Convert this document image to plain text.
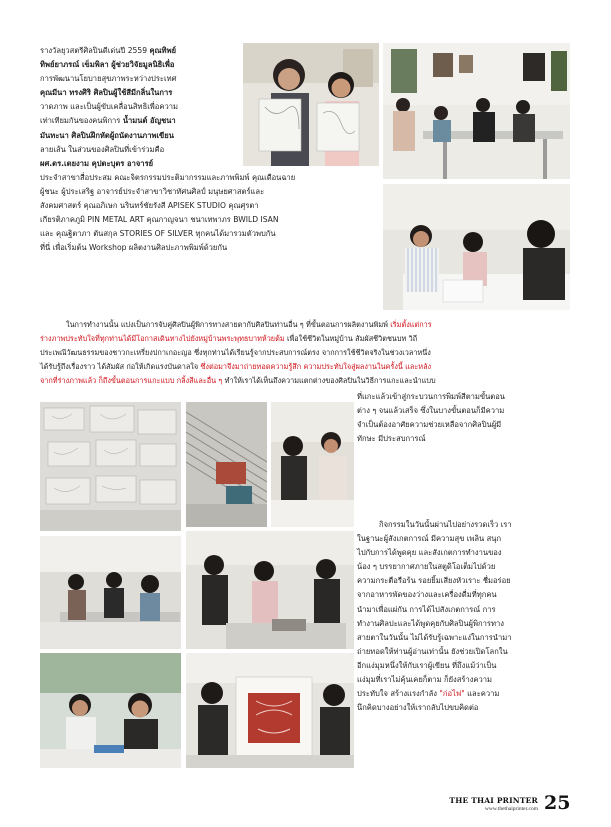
รางวัลยุวสตรีศิลปินดีเด่นปี 2559 คุณทิพย์
ทิพย์ยาภรณ์ เข็มพิลา ผู้ช่วยวิจัยมูลนิธิเพื่อ
การพัฒนานโยบายสุขภาพระหว่างประเทศ
คุณมีนา ทรงศิริ ศิลปินผู้ใช้สีมีกลิ่นในการ
วาดภาพ และเป็นผู้ขับเคลื่อนสิทธิเพื่อความ
เท่าเทียมกันของคนพิการ น้ำมนต์ อัญชนา
มันทะนา ศิลปินฝึกหัดผู้ถนัดงานภาพเขียน
ลายเส้น ในส่วนของศิลปินที่เข้าร่วมคือ
ผศ.ดร.เตยงาม คุปตะบุตร อาจารย์
ประจำสาขาสื่อประสม คณะจิตรกรรมประติมากรรมและภาพพิมพ์ คุณเดือนฉาย
ผู้ชนะ ผู้ประเสริฐ อาจารย์ประจำสาขาวิชาทัศนศิลป์ มนุษยศาสตร์และ
สังคมศาสตร์ คุณอภิเษก นรินทร์ชัยรังสี APISEK STUDIO คุณศุรตา
เกียรติภาคภูมิ PIN METAL ART คุณกาญจนา ชนาเทพาภร BWILD ISAN
และ คุณฐิตาภา ตันสกุล STORIES OF SILVER ทุกคนได้มารวมตัวพบกัน
ที่นี่ เพื่อเริ่มต้น Workshop ผลิตงานศิลปะภาพพิมพ์ด้วยกัน
ในการทำงานนั้น แบ่งเป็นการจับคู่ศิลปินผู้พิการทางสายตากับศิลปินท่านอื่น ๆ ที่ขั้นตอนการผลิตงานพิมพ์ เริ่มตั้งแต่การ
ร่างภาพประทับใจที่ทุกท่านได้มีโอกาสเดินทางไปยังหมู่บ้านพระพุทธบาทห้วยต้ม เพื่อใช้ชีวิตในหมู่บ้าน สัมผัสชีวิตชนบท วิถี
ประเพณีวัฒนธรรมของชาวกะเหรี่ยงปกาเกอะญอ ซึ่งทุกท่านได้เรียนรู้จากประสบการณ์ตรง จากการใช้ชีวิตจริงในช่วงเวลาหนึ่ง
ได้รับรู้ถึงเรื่องราว ได้สัมผัส ก่อให้เกิดแรงบันดาลใจ ซึ่งต่อมาจึงมาถ่ายทอดความรู้สึก ความประทับใจสู่ผลงานในครั้งนี้ และหลัง
จากที่ร่างภาพแล้ว ก็ถึงขั้นตอนการแกะแบบ กลิ้งสีและอื่น ๆ ทำให้เราได้เห็นถึงความแตกต่างของศิลปินในวิธีการแกะและนำแบบ
ที่แกะแล้วเข้าสู่กระบวนการพิมพ์สีตามขั้นตอน
ต่าง ๆ จนแล้วเสร็จ ซึ่งในบางขั้นตอนก็มีความ
จำเป็นต้องอาศัยความช่วยเหลือจากศิลปินผู้มี
ทักษะ มีประสบการณ์
กิจกรรมในวันนั้นผ่านไปอย่างรวดเร็ว เรา
ในฐานะผู้สังเกตการณ์ มีความสุข เพลิน สนุก
ไปกับการได้พูดคุย และสังเกตการทำงานของ
น้อง ๆ บรรยากาศภายในสตูดิโอเต็มไปด้วย
ความกระตือรือร้น รอยยิ้มเสียงหัวเราะ ชื่มอร่อย
จากอาหารพัดของว่างและเครื่องดื่มที่ทุกคน
นำมาเพื่อแผ่กัน การได้ไปสังเกตการณ์ การ
ทำงานศิลปะและได้พูดคุยกับศิลปินผู้พิการทาง
สายตาในวันนั้น ไม่ได้รับรู้เฉพาะแง่ในการนำมา
ถ่ายทอดให้ท่านผู้อ่านเท่านั้น ยังช่วยเปิดโลกใน
อีกแง่มุมหนึ่งให้กับเราผู้เขียน ที่ถึงแม้ว่าเป็น
แง่มุมที่เราไม่คุ้นเคยก็ตาม ก็ยังสร้างความ
ประทับใจ สร้างแรงกำลัง "ก่อไฟ" และความ
นึกคิดบางอย่างให้เรากลับไปขบคิดต่อ
THE THAI PRINTER
www.thethaiprinter.com 25
